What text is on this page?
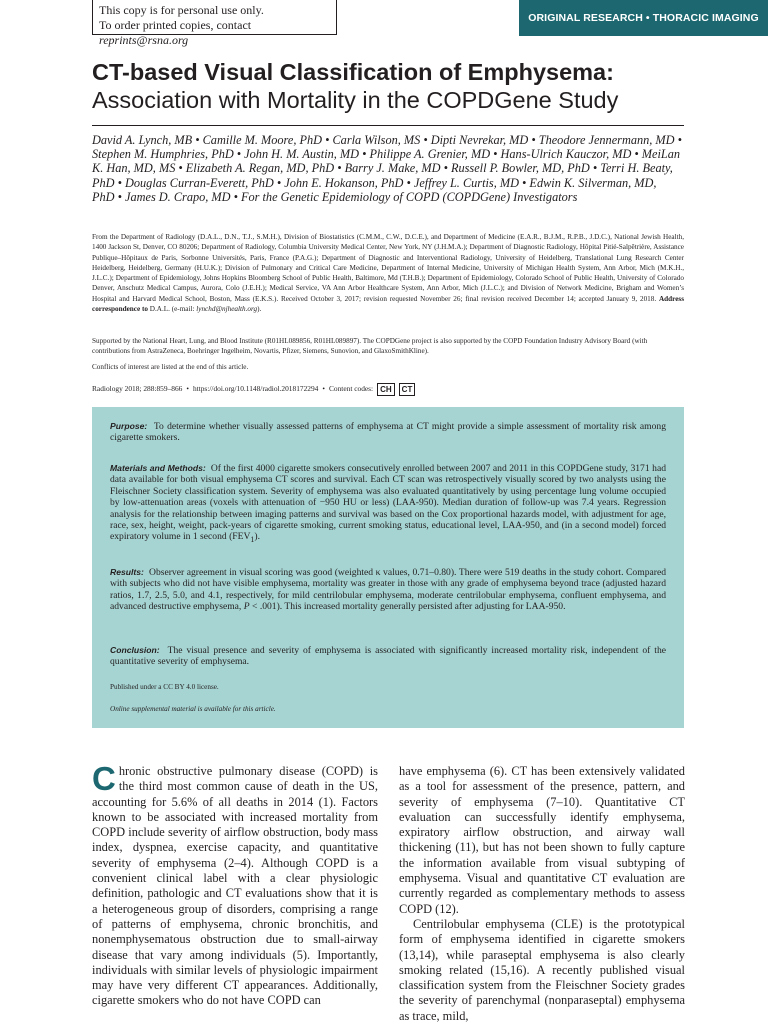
This copy is for personal use only.
To order printed copies, contact reprints@rsna.org
ORIGINAL RESEARCH • THORACIC IMAGING
CT-based Visual Classification of Emphysema:
Association with Mortality in the COPDGene Study
David A. Lynch, MB • Camille M. Moore, PhD • Carla Wilson, MS • Dipti Nevrekar, MD • Theodore Jennermann, MD • Stephen M. Humphries, PhD • John H. M. Austin, MD • Philippe A. Grenier, MD • Hans-Ulrich Kauczor, MD • MeiLan K. Han, MD, MS • Elizabeth A. Regan, MD, PhD • Barry J. Make, MD • Russell P. Bowler, MD, PhD • Terri H. Beaty, PhD • Douglas Curran-Everett, PhD • John E. Hokanson, PhD • Jeffrey L. Curtis, MD • Edwin K. Silverman, MD, PhD • James D. Crapo, MD • For the Genetic Epidemiology of COPD (COPDGene) Investigators
From the Department of Radiology (D.A.L., D.N., T.J., S.M.H.), Division of Biostatistics (C.M.M., C.W., D.C.E.), and Department of Medicine (E.A.R., B.J.M., R.P.B., J.D.C.), National Jewish Health, 1400 Jackson St, Denver, CO 80206; Department of Radiology, Columbia University Medical Center, New York, NY (J.H.M.A.); Department of Diagnostic Radiology, Hôpital Pitié-Salpêtrière, Assistance Publique–Hôpitaux de Paris, Sorbonne Universités, Paris, France (P.A.G.); Department of Diagnostic and Interventional Radiology, University of Heidelberg, Translational Lung Research Center Heidelberg, Heidelberg, Germany (H.U.K.); Division of Pulmonary and Critical Care Medicine, Department of Internal Medicine, University of Michigan Health System, Ann Arbor, Mich (M.K.H., J.L.C.); Department of Epidemiology, Johns Hopkins Bloomberg School of Public Health, Baltimore, Md (T.H.B.); Department of Epidemiology, Colorado School of Public Health, University of Colorado Denver, Anschutz Medical Campus, Aurora, Colo (J.E.H.); Medical Service, VA Ann Arbor Healthcare System, Ann Arbor, Mich (J.L.C.); and Division of Network Medicine, Brigham and Women’s Hospital and Harvard Medical School, Boston, Mass (E.K.S.). Received October 3, 2017; revision requested November 26; final revision received December 14; accepted January 9, 2018. Address correspondence to D.A.L. (e-mail: lynchd@njhealth.org).
Supported by the National Heart, Lung, and Blood Institute (R01HL089856, R01HL089897). The COPDGene project is also supported by the COPD Foundation Industry Advisory Board (with contributions from AstraZeneca, Boehringer Ingelheim, Novartis, Pfizer, Siemens, Sunovion, and GlaxoSmithKline).
Conflicts of interest are listed at the end of this article.
Radiology 2018; 288:859–866 • https://doi.org/10.1148/radiol.2018172294 • Content codes: CH	CT
Purpose: To determine whether visually assessed patterns of emphysema at CT might provide a simple assessment of mortality risk among cigarette smokers.
Materials and Methods: Of the first 4000 cigarette smokers consecutively enrolled between 2007 and 2011 in this COPDGene study, 3171 had data available for both visual emphysema CT scores and survival. Each CT scan was retrospectively visually scored by two analysts using the Fleischner Society classification system. Severity of emphysema was also evaluated quantitatively by using percentage lung volume occupied by low-attenuation areas (voxels with attenuation of −950 HU or less) (LAA-950). Median duration of follow-up was 7.4 years. Regression analysis for the relationship between imaging patterns and survival was based on the Cox proportional hazards model, with adjustment for age, race, sex, height, weight, pack-years of cigarette smoking, current smoking status, educational level, LAA-950, and (in a second model) forced expiratory volume in 1 second $(FEV_1)$.
Results: Observer agreement in visual scoring was good (weighted κ values, 0.71–0.80). There were 519 deaths in the study cohort. Compared with subjects who did not have visible emphysema, mortality was greater in those with any grade of emphysema beyond trace (adjusted hazard ratios, 1.7, 2.5, 5.0, and 4.1, respectively, for mild centrilobular emphysema, moderate centrilobular emphysema, confluent emphysema, and advanced destructive emphysema, P < .001). This increased mortality generally persisted after adjusting for LAA-950.
Conclusion: The visual presence and severity of emphysema is associated with significantly increased mortality risk, independent of the quantitative severity of emphysema.
Published under a CC BY 4.0 license.
Online supplemental material is available for this article.
Chronic obstructive pulmonary disease (COPD) is the third most common cause of death in the US, accounting for 5.6% of all deaths in 2014 (1). Factors known to be associated with increased mortality from COPD include severity of airflow obstruction, body mass index, dyspnea, exercise capacity, and quantitative severity of emphysema (2–4). Although COPD is a convenient clinical label with a clear physiologic definition, pathologic and CT evaluations show that it is a heterogeneous group of disorders, comprising a range of patterns of emphysema, chronic bronchitis, and nonemphysematous obstruction due to small-airway disease that vary among individuals (5). Importantly, individuals with similar levels of physiologic impairment may have very different CT appearances. Additionally, cigarette smokers who do not have COPD can
have emphysema (6). CT has been extensively validated as a tool for assessment of the presence, pattern, and severity of emphysema (7–10). Quantitative CT evaluation can successfully identify emphysema, expiratory airflow obstruction, and airway wall thickening (11), but has not been shown to fully capture the information available from visual subtyping of emphysema. Visual and quantitative CT evaluation are currently regarded as complementary methods to assess COPD (12).
Centrilobular emphysema (CLE) is the prototypical form of emphysema identified in cigarette smokers (13,14), while paraseptal emphysema is also clearly smoking related (15,16). A recently published visual classification system from the Fleischner Society grades the severity of parenchymal (nonparaseptal) emphysema as trace, mild,
